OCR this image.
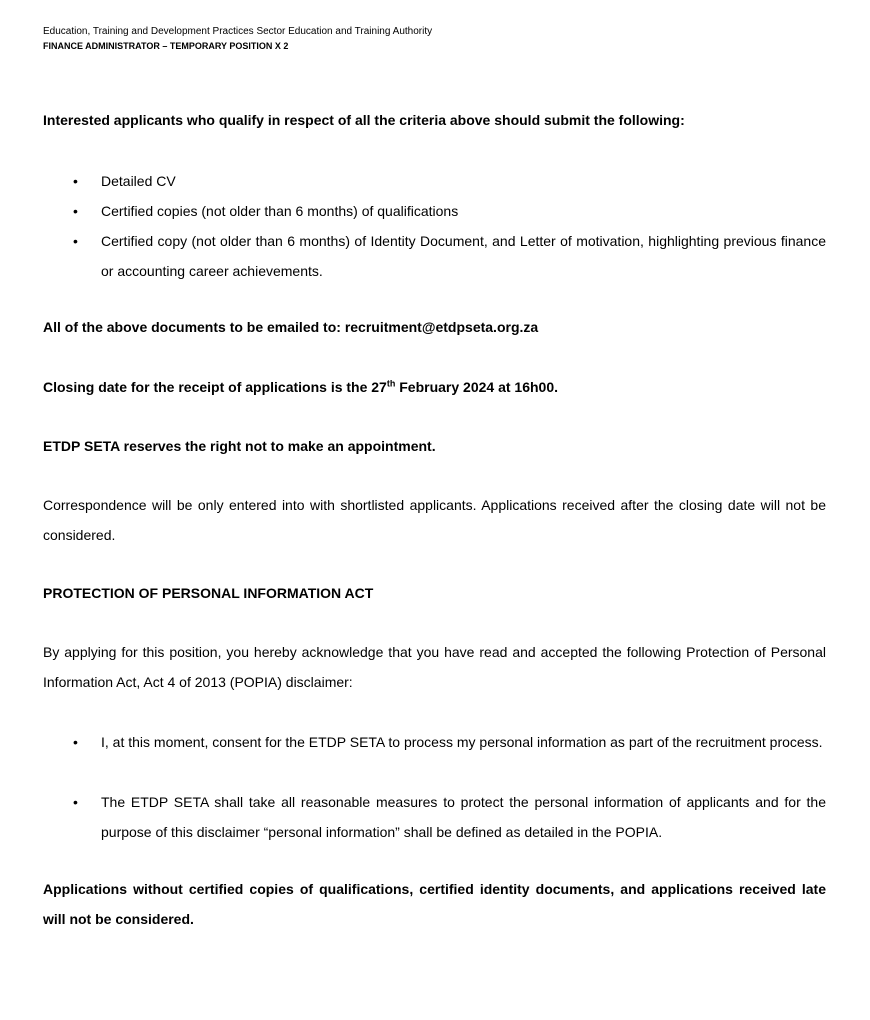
Education, Training and Development Practices Sector Education and Training Authority
FINANCE ADMINISTRATOR – TEMPORARY POSITION X 2
Interested applicants who qualify in respect of all the criteria above should submit the following:
• Detailed CV
• Certified copies (not older than 6 months) of qualifications
• Certified copy (not older than 6 months) of Identity Document, and Letter of motivation, highlighting previous finance or accounting career achievements.
All of the above documents to be emailed to: recruitment@etdpseta.org.za
Closing date for the receipt of applications is the 27th February 2024 at 16h00.
ETDP SETA reserves the right not to make an appointment.
Correspondence will be only entered into with shortlisted applicants. Applications received after the closing date will not be considered.
PROTECTION OF PERSONAL INFORMATION ACT
By applying for this position, you hereby acknowledge that you have read and accepted the following Protection of Personal Information Act, Act 4 of 2013 (POPIA) disclaimer:
• I, at this moment, consent for the ETDP SETA to process my personal information as part of the recruitment process.
• The ETDP SETA shall take all reasonable measures to protect the personal information of applicants and for the purpose of this disclaimer “personal information” shall be defined as detailed in the POPIA.
Applications without certified copies of qualifications, certified identity documents, and applications received late will not be considered.
